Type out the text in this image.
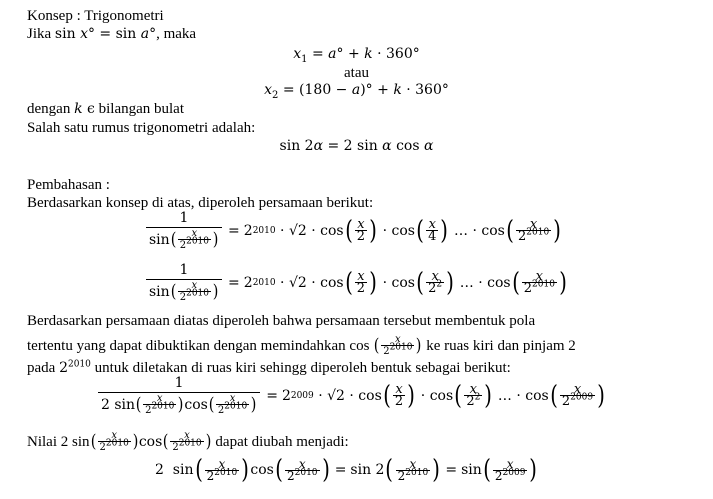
Konsep : Trigonometri
Jika sin x° = sin a°, maka
$x_1 = a^\circ + k \cdot 360^\circ$
atau
$x_2 = (180 - a)^\circ + k \cdot 360^\circ$
dengan k ϵ bilangan bulat
Salah satu rumus trigonometri adalah:
sin 2α = 2 sin α cos α
Pembahasan :
Berdasarkan konsep di atas, diperoleh persamaan berikut:
$\frac{1}{\sin ( \frac{x}{2^{2010}} )} = 2$ 2010 · √2 · cos ( $\frac{x}{2}$ ) · cos ( $\frac{x}{4}$ ) … · cos ( $\frac{x}{2^{2010}}$ )
$\frac{1}{\sin ( \frac{x}{2^{2010}} )} = 2$ 2010 · √2 · cos ( $\frac{x}{2}$ ) · cos ( $\frac{x}{2^2}$ ) … · cos ( $\frac{x}{2^{2010}}$ )
Berdasarkan persamaan diatas diperoleh bahwa persamaan tersebut membentuk pola
tertentu yang dapat dibuktikan dengan memindahkan cos
( $\frac{x}{2^{2010}}$ )
ke ruas kiri dan pinjam 2
pada $2^{2010}$ untuk diletakan di ruas kiri sehingg diperoleh bentuk sebagai berikut:
$\frac{1}{2 \sin ( \frac{x}{2^{2010}} ) \cos ( \frac{x}{2^{2010}} )} = 2$ 2009 · √2 · cos ( $\frac{x}{2}$ ) · cos ( $\frac{x}{2^2}$ ) … · cos ( $\frac{x}{2^{2009}}$ )
Nilai 2 sin ( $\frac{x}{2^{2010}}$ ) cos ( $\frac{x}{2^{2010}}$ )
dapat diubah menjadi:
2  sin ( $\frac{x}{2^{2010}}$ ) cos ( $\frac{x}{2^{2010}}$ ) = sin 2 ( $\frac{x}{2^{2010}}$ ) = sin ( $\frac{x}{2^{2009}}$ )
